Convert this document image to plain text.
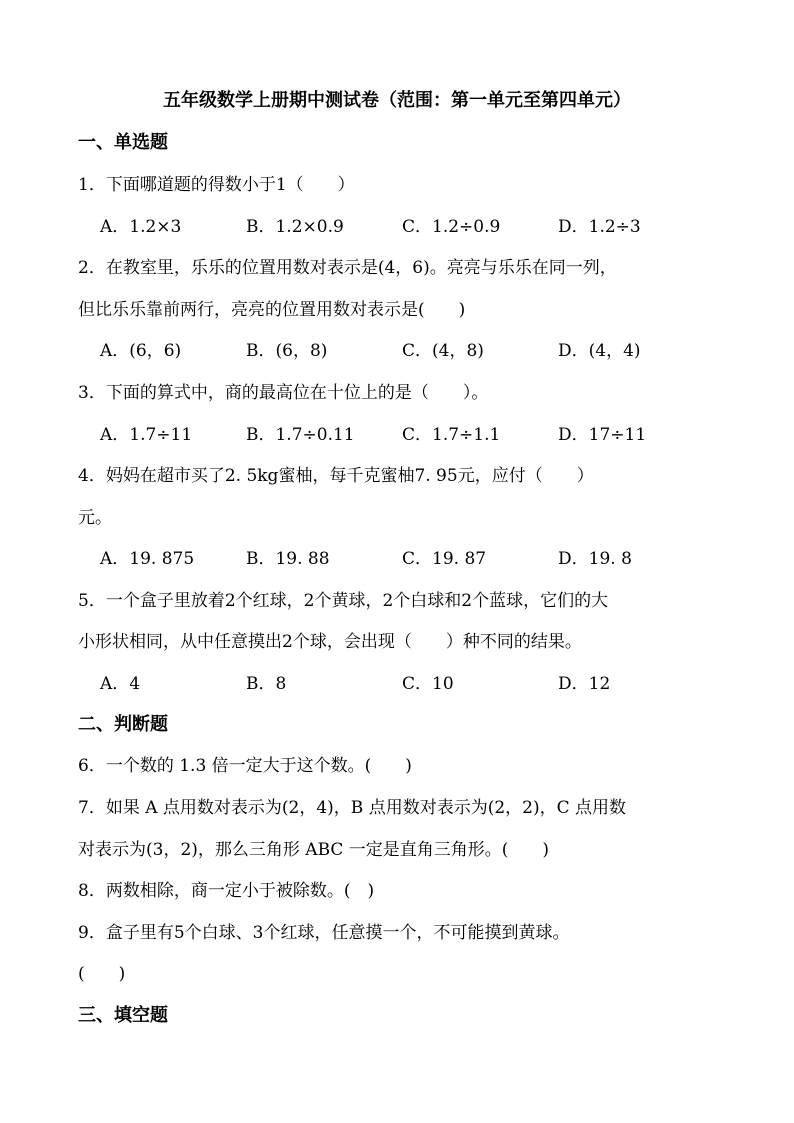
五年级数学上册期中测试卷（范围：第一单元至第四单元）
一、单选题
1．下面哪道题的得数小于1（　　）
A．1.2×3	B．1.2×0.9	C．1.2÷0.9	D．1.2÷3
2．在教室里，乐乐的位置用数对表示是(4，6)。亮亮与乐乐在同一列，
但比乐乐靠前两行，亮亮的位置用数对表示是(　　)
A．(6，6)	B．(6，8)	C．(4，8)	D．(4，4)
3．下面的算式中，商的最高位在十位上的是（　　）。
A．1.7÷11	B．1.7÷0.11	C．1.7÷1.1	D．17÷11
4．妈妈在超市买了2. 5kg蜜柚，每千克蜜柚7. 95元，应付（　　）
元。
A．19. 875	B．19. 88	C．19. 87	D．19. 8
5．一个盒子里放着2个红球，2个黄球，2个白球和2个蓝球，它们的大
小形状相同，从中任意摸出2个球，会出现（　　）种不同的结果。
A．4	B．8	C．10	D．12
二、判断题
6．一个数的 1.3 倍一定大于这个数。(　　)
7．如果 A 点用数对表示为(2，4)，B 点用数对表示为(2，2)，C 点用数
对表示为(3，2)，那么三角形 ABC 一定是直角三角形。(　　)
8．两数相除，商一定小于被除数。(　)
9．盒子里有5个白球、3个红球，任意摸一个，不可能摸到黄球。
(　　)
三、填空题
